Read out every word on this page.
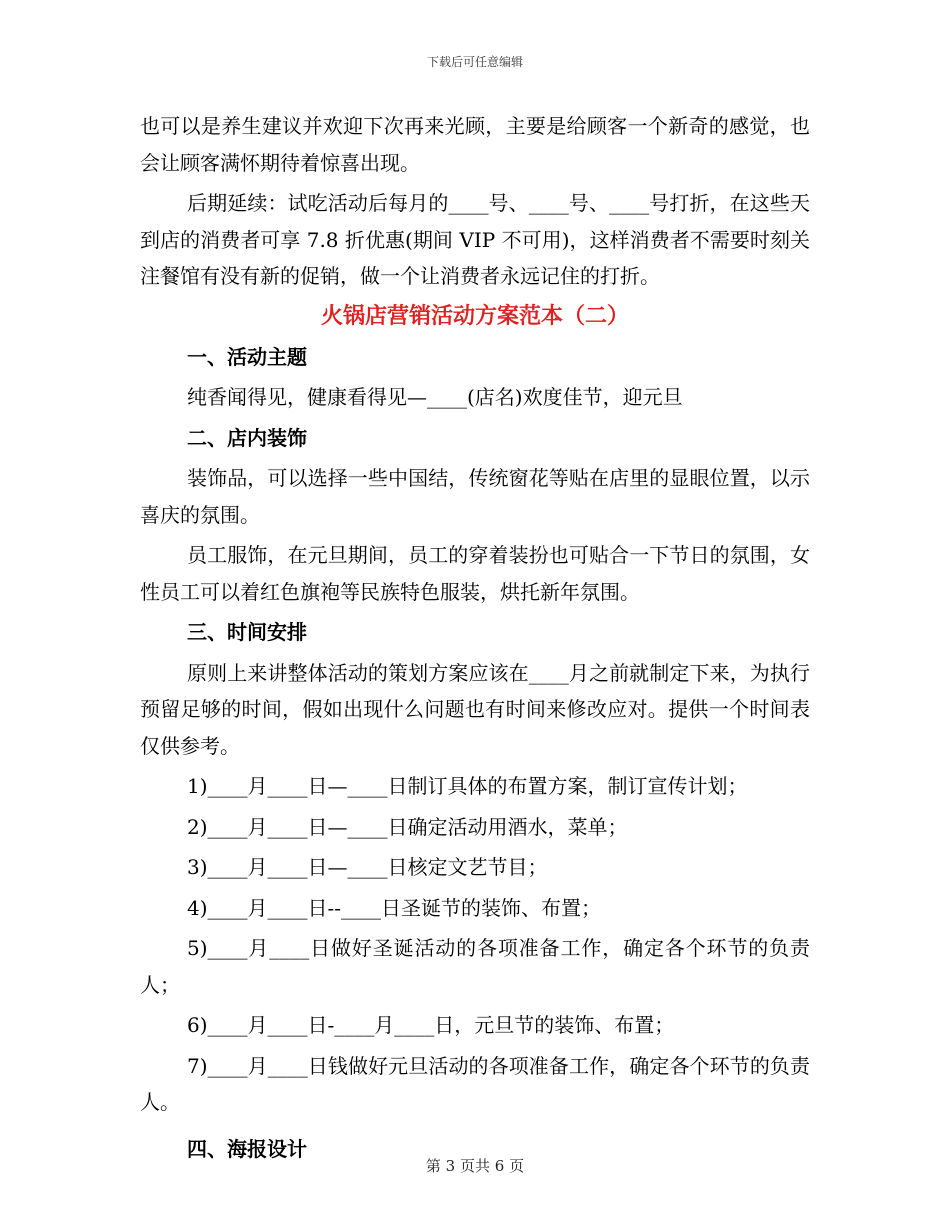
下载后可任意编辑

也可以是养生建议并欢迎下次再来光顾，主要是给顾客一个新奇的感觉，也会让顾客满怀期待着惊喜出现。

后期延续：试吃活动后每月的____号、____号、____号打折，在这些天到店的消费者可享 7.8 折优惠(期间 VIP 不可用)，这样消费者不需要时刻关注餐馆有没有新的促销，做一个让消费者永远记住的打折。

火锅店营销活动方案范本（二）

一、活动主题

纯香闻得见，健康看得见—____(店名)欢度佳节，迎元旦

二、店内装饰

装饰品，可以选择一些中国结，传统窗花等贴在店里的显眼位置，以示喜庆的氛围。

员工服饰，在元旦期间，员工的穿着装扮也可贴合一下节日的氛围，女性员工可以着红色旗袍等民族特色服装，烘托新年氛围。

三、时间安排

原则上来讲整体活动的策划方案应该在____月之前就制定下来，为执行预留足够的时间，假如出现什么问题也有时间来修改应对。提供一个时间表仅供参考。

1)____月____日—____日制订具体的布置方案，制订宣传计划；

2)____月____日—____日确定活动用酒水，菜单；

3)____月____日—____日核定文艺节目；

4)____月____日--____日圣诞节的装饰、布置；

5)____月____日做好圣诞活动的各项准备工作，确定各个环节的负责人；

6)____月____日-____月____日，元旦节的装饰、布置；

7)____月____日钱做好元旦活动的各项准备工作，确定各个环节的负责人。

四、海报设计

第 3 页共 6 页
